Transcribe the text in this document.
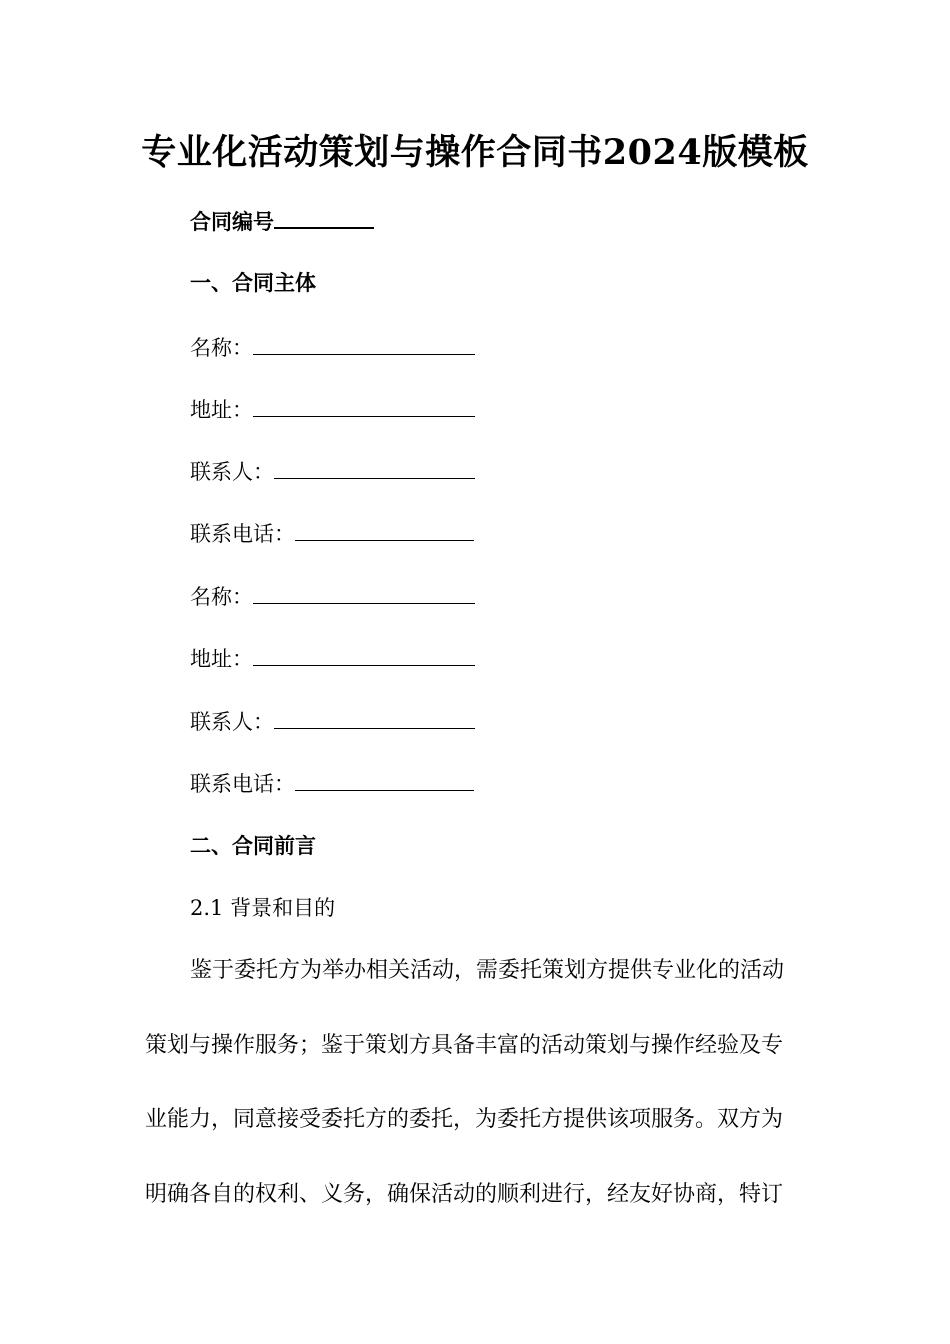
专业化活动策划与操作合同书2024版模板
合同编号
一、合同主体
名称：
地址：
联系人：
联系电话：
名称：
地址：
联系人：
联系电话：
二、合同前言
2.1 背景和目的
鉴于委托方为举办相关活动，需委托策划方提供专业化的活动
策划与操作服务；鉴于策划方具备丰富的活动策划与操作经验及专
业能力，同意接受委托方的委托，为委托方提供该项服务。双方为
明确各自的权利、义务，确保活动的顺利进行，经友好协商，特订
